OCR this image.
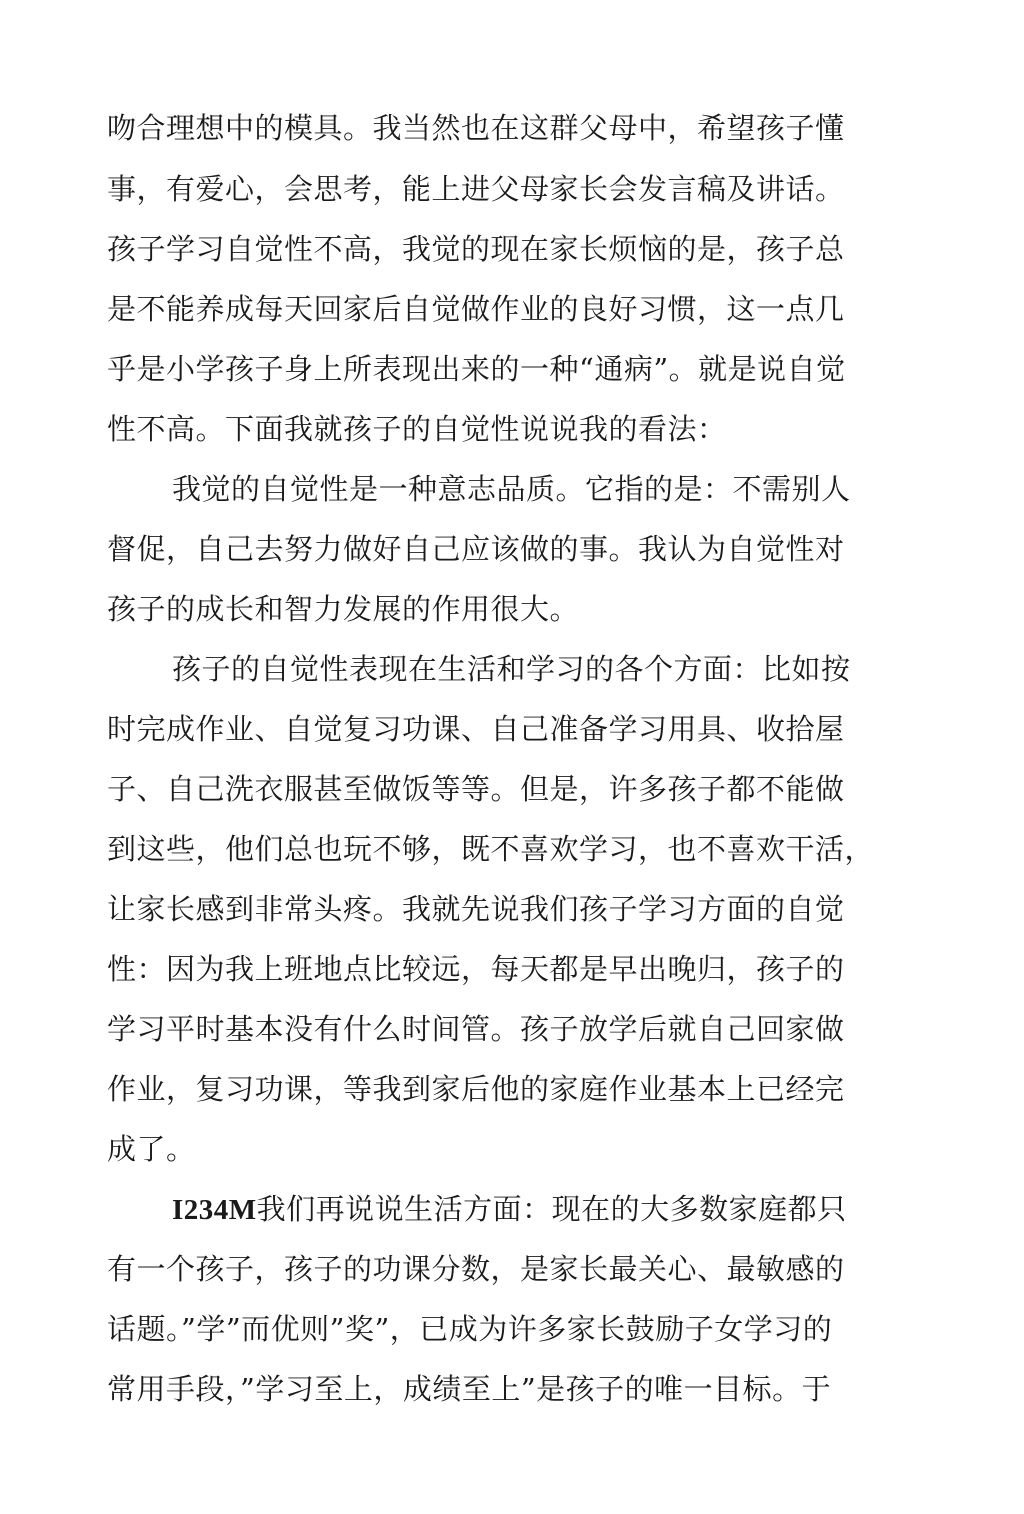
吻合理想中的模具。我当然也在这群父母中，希望孩子懂
事，有爱心，会思考，能上进父母家长会发言稿及讲话。
孩子学习自觉性不高，我觉的现在家长烦恼的是，孩子总
是不能养成每天回家后自觉做作业的良好习惯，这一点几
乎是小学孩子身上所表现出来的一种“通病”。就是说自觉
性不高。下面我就孩子的自觉性说说我的看法：
我觉的自觉性是一种意志品质。它指的是：不需别人
督促，自己去努力做好自己应该做的事。我认为自觉性对
孩子的成长和智力发展的作用很大。
孩子的自觉性表现在生活和学习的各个方面：比如按
时完成作业、自觉复习功课、自己准备学习用具、收拾屋
子、自己洗衣服甚至做饭等等。但是，许多孩子都不能做
到这些，他们总也玩不够，既不喜欢学习，也不喜欢干活，
让家长感到非常头疼。我就先说我们孩子学习方面的自觉
性：因为我上班地点比较远，每天都是早出晚归，孩子的
学习平时基本没有什么时间管。孩子放学后就自己回家做
作业，复习功课，等我到家后他的家庭作业基本上已经完
成了。
I234M我们再说说生活方面：现在的大多数家庭都只
有一个孩子，孩子的功课分数，是家长最关心、最敏感的
话题。”学”而优则”奖”，已成为许多家长鼓励子女学习的
常用手段，”学习至上，成绩至上”是孩子的唯一目标。于
